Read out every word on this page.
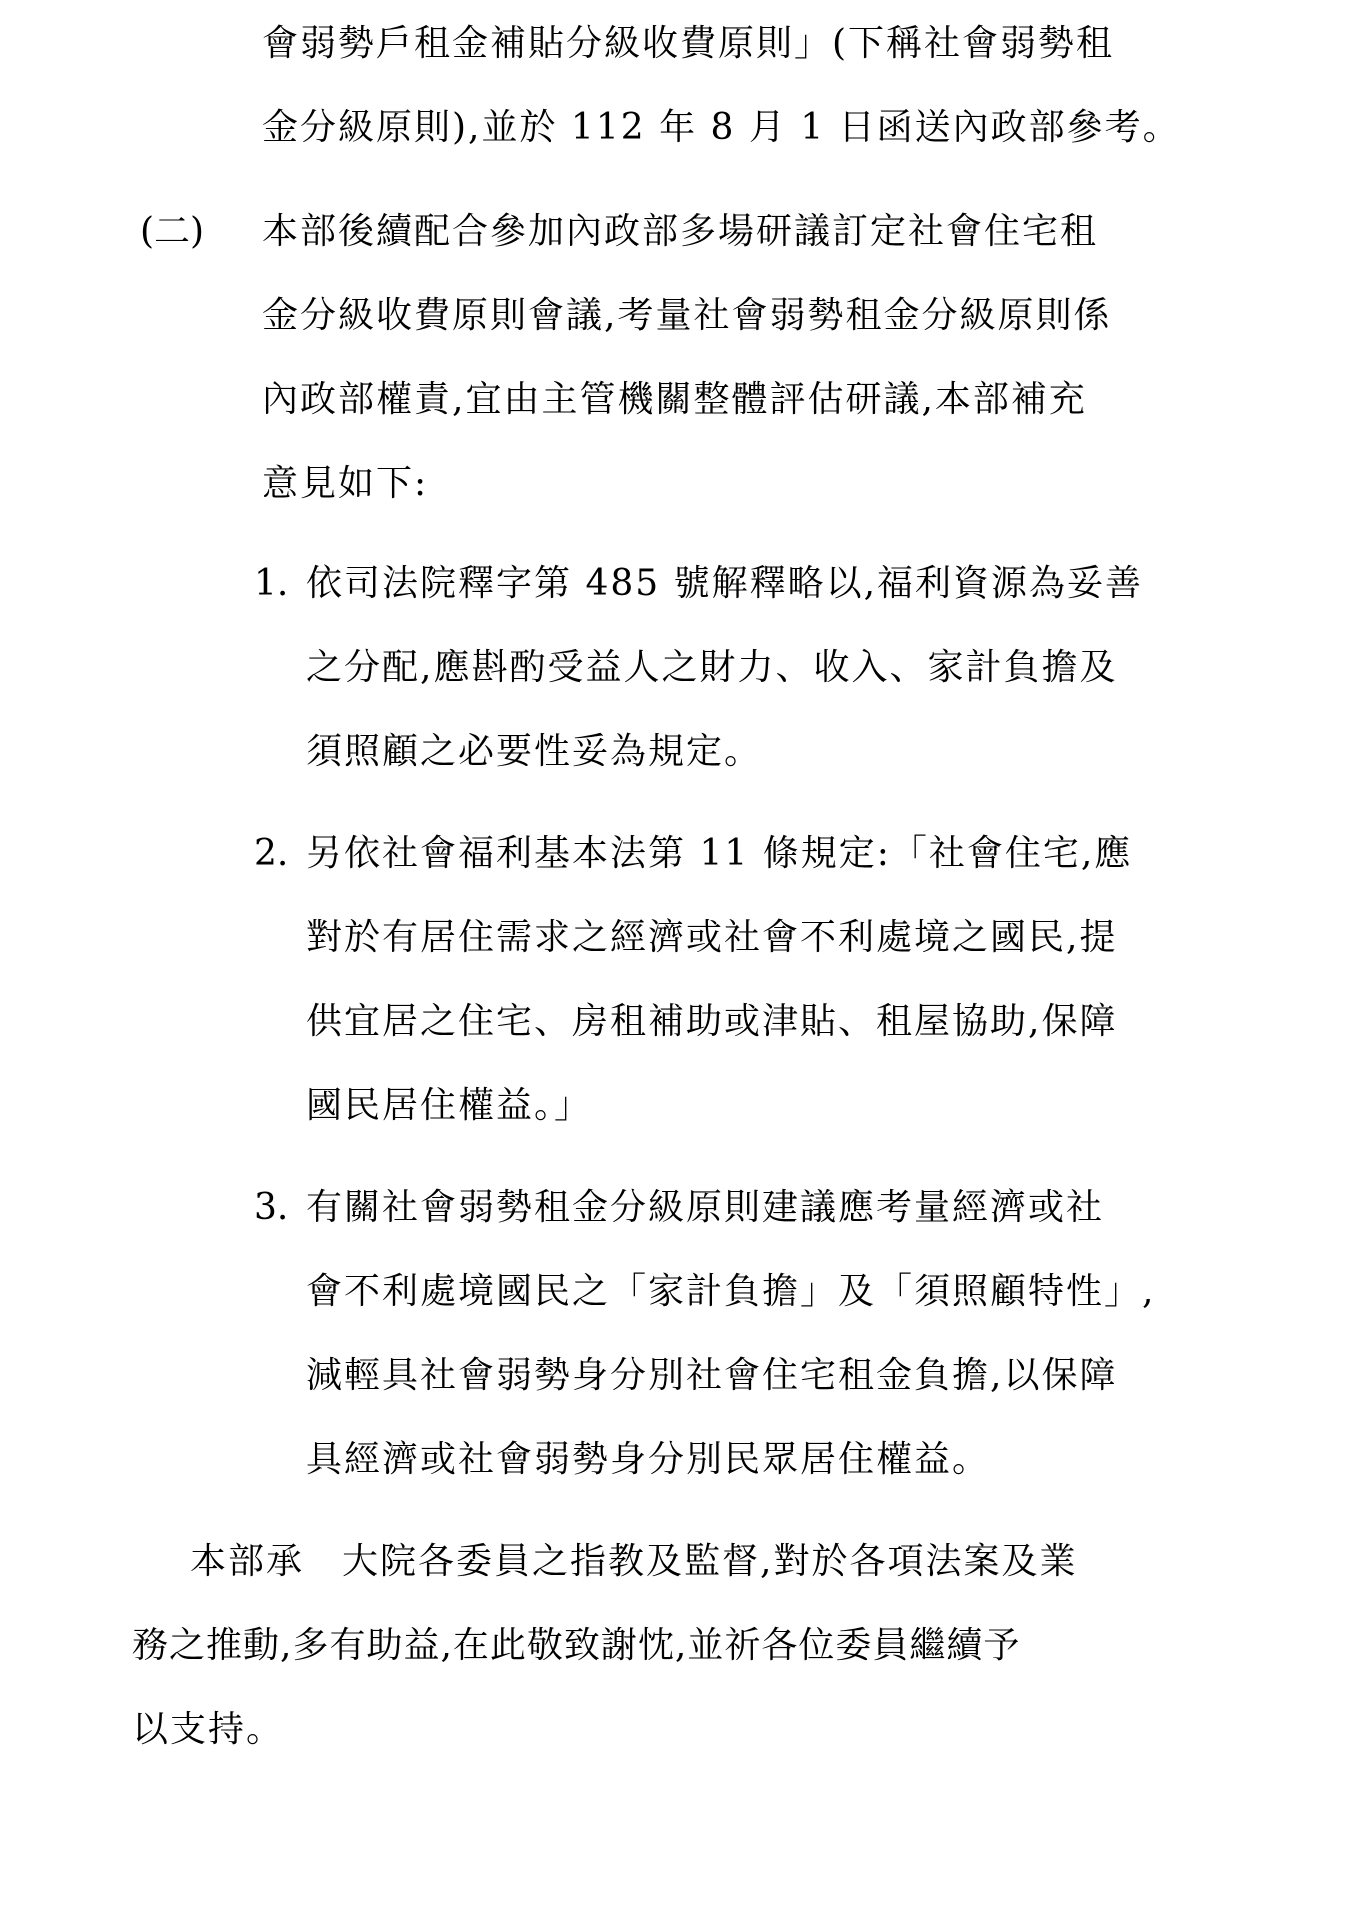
會弱勢戶租金補貼分級收費原則」(下稱社會弱勢租
金分級原則),並於 112 年 8 月 1 日函送內政部參考。
(二) 本部後續配合參加內政部多場研議訂定社會住宅租
金分級收費原則會議,考量社會弱勢租金分級原則係
內政部權責,宜由主管機關整體評估研議,本部補充
意見如下:
1. 依司法院釋字第 485 號解釋略以,福利資源為妥善
之分配,應斟酌受益人之財力、收入、家計負擔及
須照顧之必要性妥為規定。
2. 另依社會福利基本法第 11 條規定:「社會住宅,應
對於有居住需求之經濟或社會不利處境之國民,提
供宜居之住宅、房租補助或津貼、租屋協助,保障
國民居住權益。」
3. 有關社會弱勢租金分級原則建議應考量經濟或社
會不利處境國民之「家計負擔」及「須照顧特性」,
減輕具社會弱勢身分別社會住宅租金負擔,以保障
具經濟或社會弱勢身分別民眾居住權益。
本部承　大院各委員之指教及監督,對於各項法案及業
務之推動,多有助益,在此敬致謝忱,並祈各位委員繼續予
以支持。
